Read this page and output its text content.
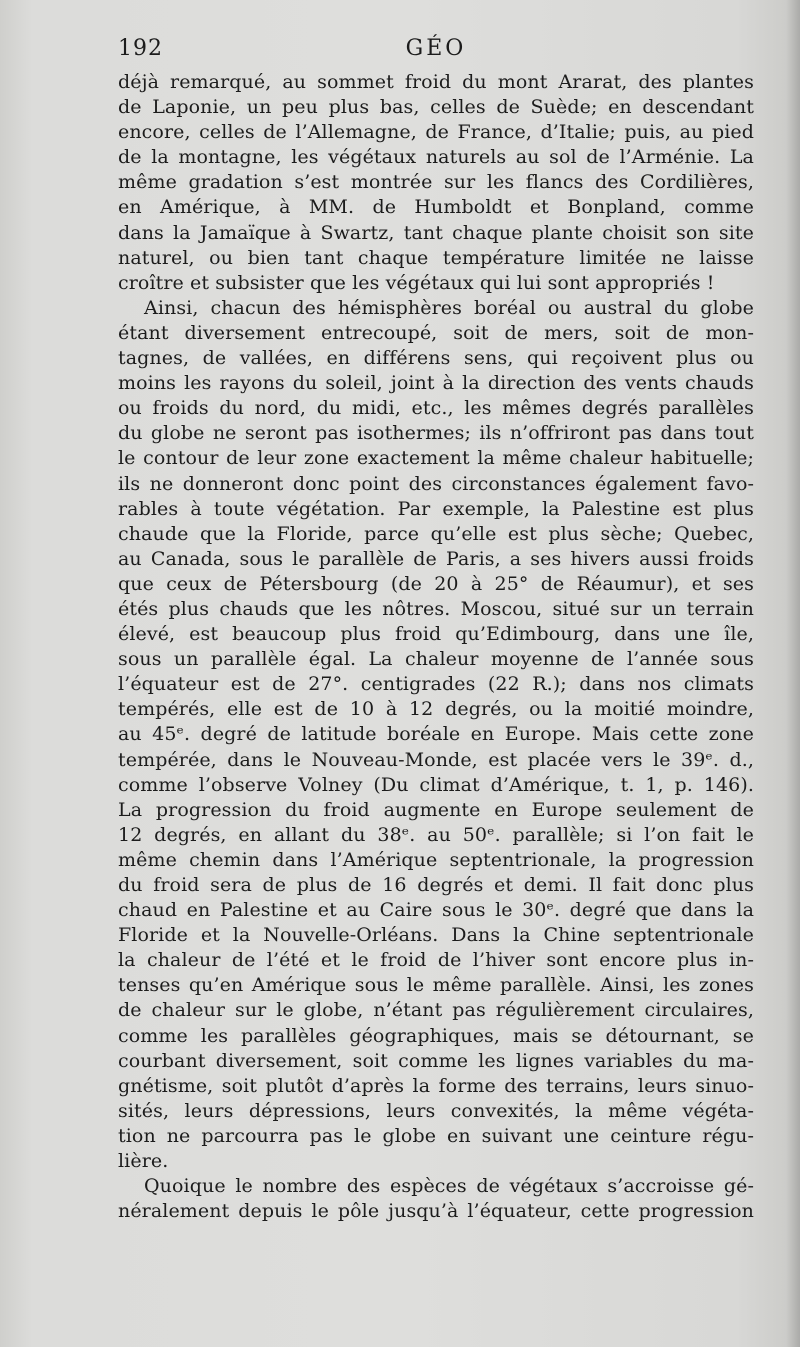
192	GÉO
déjà remarqué, au sommet froid du mont Ararat, des plantes
de Laponie, un peu plus bas, celles de Suède; en descendant
encore, celles de l’Allemagne, de France, d’Italie; puis, au pied
de la montagne, les végétaux naturels au sol de l’Arménie. La
même gradation s’est montrée sur les flancs des Cordilières,
en Amérique, à MM. de Humboldt et Bonpland, comme
dans la Jamaïque à Swartz, tant chaque plante choisit son site
naturel, ou bien tant chaque température limitée ne laisse
croître et subsister que les végétaux qui lui sont appropriés !
Ainsi, chacun des hémisphères boréal ou austral du globe
étant diversement entrecoupé, soit de mers, soit de mon-
tagnes, de vallées, en différens sens, qui reçoivent plus ou
moins les rayons du soleil, joint à la direction des vents chauds
ou froids du nord, du midi, etc., les mêmes degrés parallèles
du globe ne seront pas isothermes; ils n’offriront pas dans tout
le contour de leur zone exactement la même chaleur habituelle;
ils ne donneront donc point des circonstances également favo-
rables à toute végétation. Par exemple, la Palestine est plus
chaude que la Floride, parce qu’elle est plus sèche; Quebec,
au Canada, sous le parallèle de Paris, a ses hivers aussi froids
que ceux de Pétersbourg (de 20 à 25° de Réaumur), et ses
étés plus chauds que les nôtres. Moscou, situé sur un terrain
élevé, est beaucoup plus froid qu’Edimbourg, dans une île,
sous un parallèle égal. La chaleur moyenne de l’année sous
l’équateur est de 27°. centigrades (22 R.); dans nos climats
tempérés, elle est de 10 à 12 degrés, ou la moitié moindre,
au 45ᵉ. degré de latitude boréale en Europe. Mais cette zone
tempérée, dans le Nouveau-Monde, est placée vers le 39ᵉ. d.,
comme l’observe Volney (Du climat d’Amérique, t. 1, p. 146).
La progression du froid augmente en Europe seulement de
12 degrés, en allant du 38ᵉ. au 50ᵉ. parallèle; si l’on fait le
même chemin dans l’Amérique septentrionale, la progression
du froid sera de plus de 16 degrés et demi. Il fait donc plus
chaud en Palestine et au Caire sous le 30ᵉ. degré que dans la
Floride et la Nouvelle-Orléans. Dans la Chine septentrionale
la chaleur de l’été et le froid de l’hiver sont encore plus in-
tenses qu’en Amérique sous le même parallèle. Ainsi, les zones
de chaleur sur le globe, n’étant pas régulièrement circulaires,
comme les parallèles géographiques, mais se détournant, se
courbant diversement, soit comme les lignes variables du ma-
gnétisme, soit plutôt d’après la forme des terrains, leurs sinuo-
sités, leurs dépressions, leurs convexités, la même végéta-
tion ne parcourra pas le globe en suivant une ceinture régu-
lière.
Quoique le nombre des espèces de végétaux s’accroisse gé-
néralement depuis le pôle jusqu’à l’équateur, cette progression
